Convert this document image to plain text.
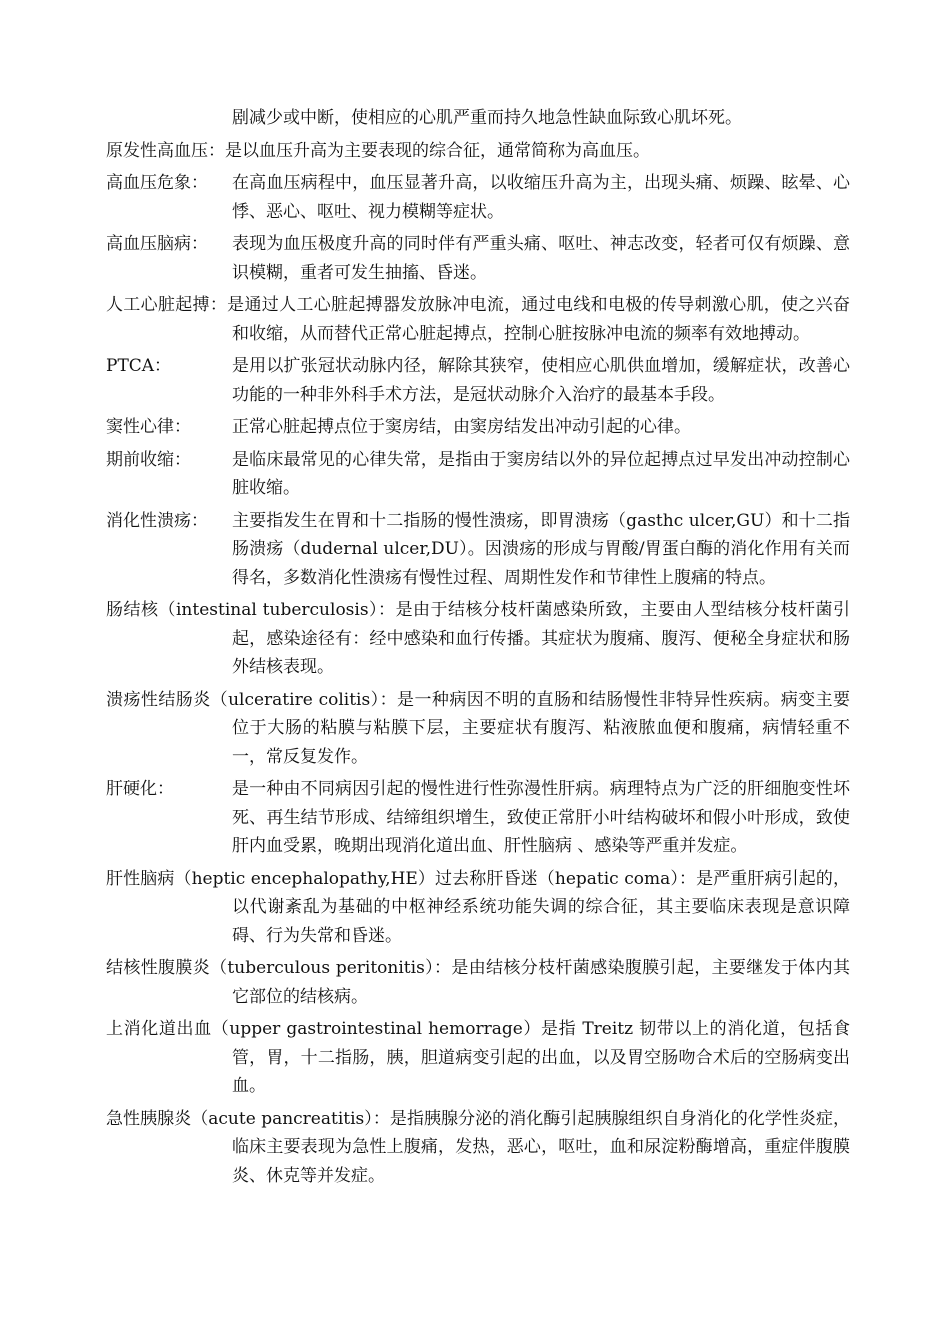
剧减少或中断，使相应的心肌严重而持久地急性缺血际致心肌坏死。
原发性高血压：是以血压升高为主要表现的综合征，通常简称为高血压。
高血压危象： 在高血压病程中，血压显著升高，以收缩压升高为主，出现头痛、烦躁、眩晕、心悸、恶心、呕吐、视力模糊等症状。
高血压脑病： 表现为血压极度升高的同时伴有严重头痛、呕吐、神志改变，轻者可仅有烦躁、意识模糊，重者可发生抽搐、昏迷。
人工心脏起搏：是通过人工心脏起搏器发放脉冲电流，通过电线和电极的传导刺激心肌，使之兴奋和收缩，从而替代正常心脏起搏点，控制心脏按脉冲电流的频率有效地搏动。
PTCA：	是用以扩张冠状动脉内径，解除其狭窄，使相应心肌供血增加，缓解症状，改善心功能的一种非外科手术方法，是冠状动脉介入治疗的最基本手段。
窦性心律： 正常心脏起搏点位于窦房结，由窦房结发出冲动引起的心律。
期前收缩： 是临床最常见的心律失常，是指由于窦房结以外的异位起搏点过早发出冲动控制心脏收缩。
消化性溃疡： 主要指发生在胃和十二指肠的慢性溃疡，即胃溃疡（gasthc ulcer,GU）和十二指肠溃疡（dudernal ulcer,DU）。因溃疡的形成与胃酸/胃蛋白酶的消化作用有关而得名，多数消化性溃疡有慢性过程、周期性发作和节律性上腹痛的特点。
肠结核（intestinal tuberculosis）：是由于结核分枝杆菌感染所致，主要由人型结核分枝杆菌引起，感染途径有：经中感染和血行传播。其症状为腹痛、腹泻、便秘全身症状和肠外结核表现。
溃疡性结肠炎（ulceratire colitis）：是一种病因不明的直肠和结肠慢性非特异性疾病。病变主要位于大肠的粘膜与粘膜下层，主要症状有腹泻、粘液脓血便和腹痛，病情轻重不一，常反复发作。
肝硬化：	是一种由不同病因引起的慢性进行性弥漫性肝病。病理特点为广泛的肝细胞变性坏死、再生结节形成、结缔组织增生，致使正常肝小叶结构破坏和假小叶形成，致使肝内血受累，晚期出现消化道出血、肝性脑病 、感染等严重并发症。
肝性脑病（heptic encephalopathy,HE）过去称肝昏迷（hepatic coma）：是严重肝病引起的，以代谢紊乱为基础的中枢神经系统功能失调的综合征，其主要临床表现是意识障碍、行为失常和昏迷。
结核性腹膜炎（tuberculous peritonitis）：是由结核分枝杆菌感染腹膜引起，主要继发于体内其它部位的结核病。
上消化道出血（upper gastrointestinal hemorrage）是指 Treitz 韧带以上的消化道，包括食管，胃，十二指肠，胰，胆道病变引起的出血，以及胃空肠吻合术后的空肠病变出血。
急性胰腺炎（acute pancreatitis）：是指胰腺分泌的消化酶引起胰腺组织自身消化的化学性炎症，临床主要表现为急性上腹痛，发热，恶心，呕吐，血和尿淀粉酶增高，重症伴腹膜炎、休克等并发症。
